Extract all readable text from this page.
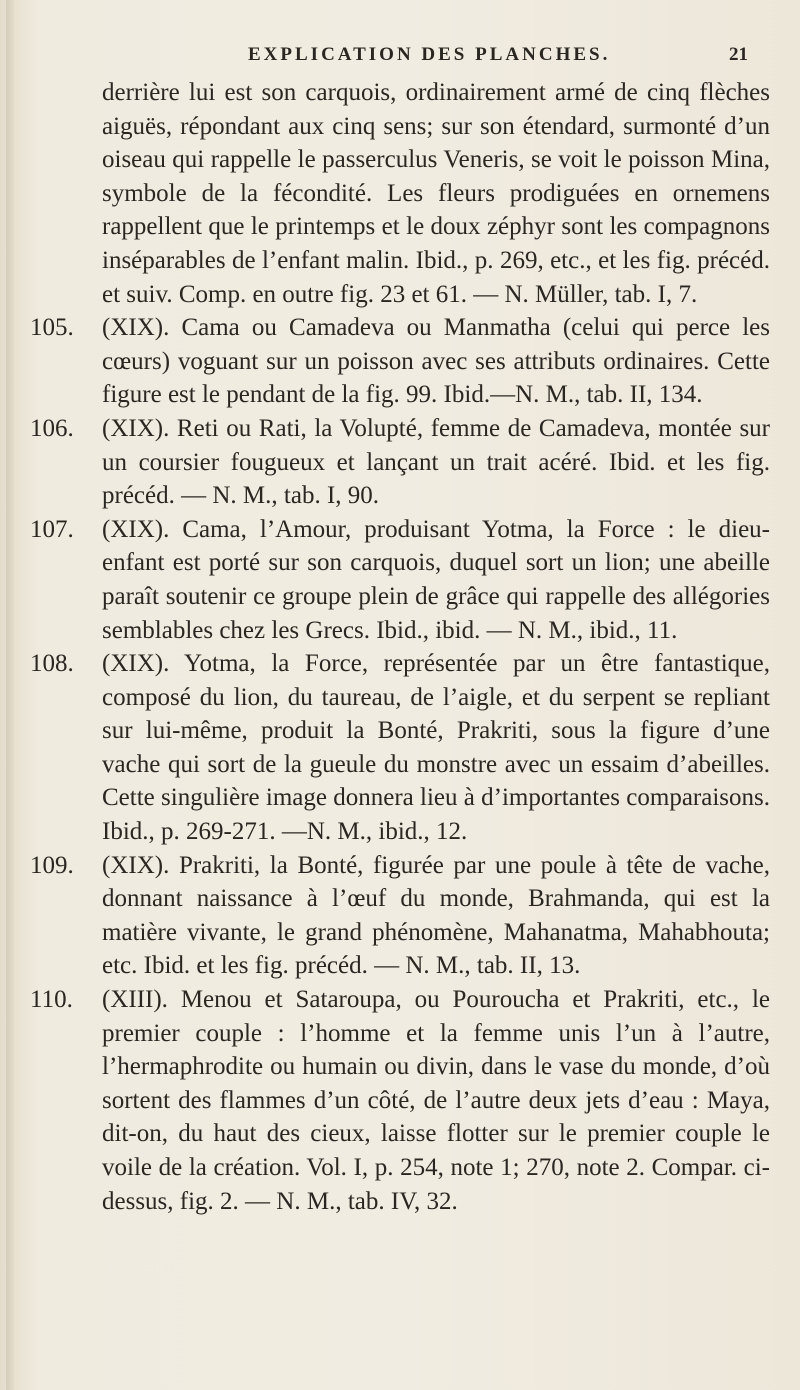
EXPLICATION DES PLANCHES.	21

derrière lui est son carquois, ordinairement armé de cinq flèches aiguës, répondant aux cinq sens; sur son étendard, surmonté d’un oiseau qui rappelle le passerculus Veneris, se voit le poisson Mina, symbole de la fécondité. Les fleurs prodiguées en ornemens rappellent que le printemps et le doux zéphyr sont les compagnons inséparables de l’enfant malin. Ibid., p. 269, etc., et les fig. précéd. et suiv. Comp. en outre fig. 23 et 61. — N. Müller, tab. I, 7.

105.	(XIX). Cama ou Camadeva ou Manmatha (celui qui perce les cœurs) voguant sur un poisson avec ses attributs ordinaires. Cette figure est le pendant de la fig. 99. Ibid.—N. M., tab. II, 134.
106.	(XIX). Reti ou Rati, la Volupté, femme de Camadeva, montée sur un coursier fougueux et lançant un trait acéré. Ibid. et les fig. précéd. — N. M., tab. I, 90.
107.	(XIX). Cama, l’Amour, produisant Yotma, la Force : le dieu-enfant est porté sur son carquois, duquel sort un lion; une abeille paraît soutenir ce groupe plein de grâce qui rappelle des allégories semblables chez les Grecs. Ibid., ibid. — N. M., ibid., 11.
108.	(XIX). Yotma, la Force, représentée par un être fantastique, composé du lion, du taureau, de l’aigle, et du serpent se repliant sur lui-même, produit la Bonté, Prakriti, sous la figure d’une vache qui sort de la gueule du monstre avec un essaim d’abeilles. Cette singulière image donnera lieu à d’importantes comparaisons. Ibid., p. 269-271. —N. M., ibid., 12.
109.	(XIX). Prakriti, la Bonté, figurée par une poule à tête de vache, donnant naissance à l’œuf du monde, Brahmanda, qui est la matière vivante, le grand phénomène, Mahanatma, Mahabhouta; etc. Ibid. et les fig. précéd. — N. M., tab. II, 13.
110.	(XIII). Menou et Sataroupa, ou Pouroucha et Prakriti, etc., le premier couple : l’homme et la femme unis l’un à l’autre, l’hermaphrodite ou humain ou divin, dans le vase du monde, d’où sortent des flammes d’un côté, de l’autre deux jets d’eau : Maya, dit-on, du haut des cieux, laisse flotter sur le premier couple le voile de la création. Vol. I, p. 254, note 1; 270, note 2. Compar. ci-dessus, fig. 2. — N. M., tab. IV, 32.
